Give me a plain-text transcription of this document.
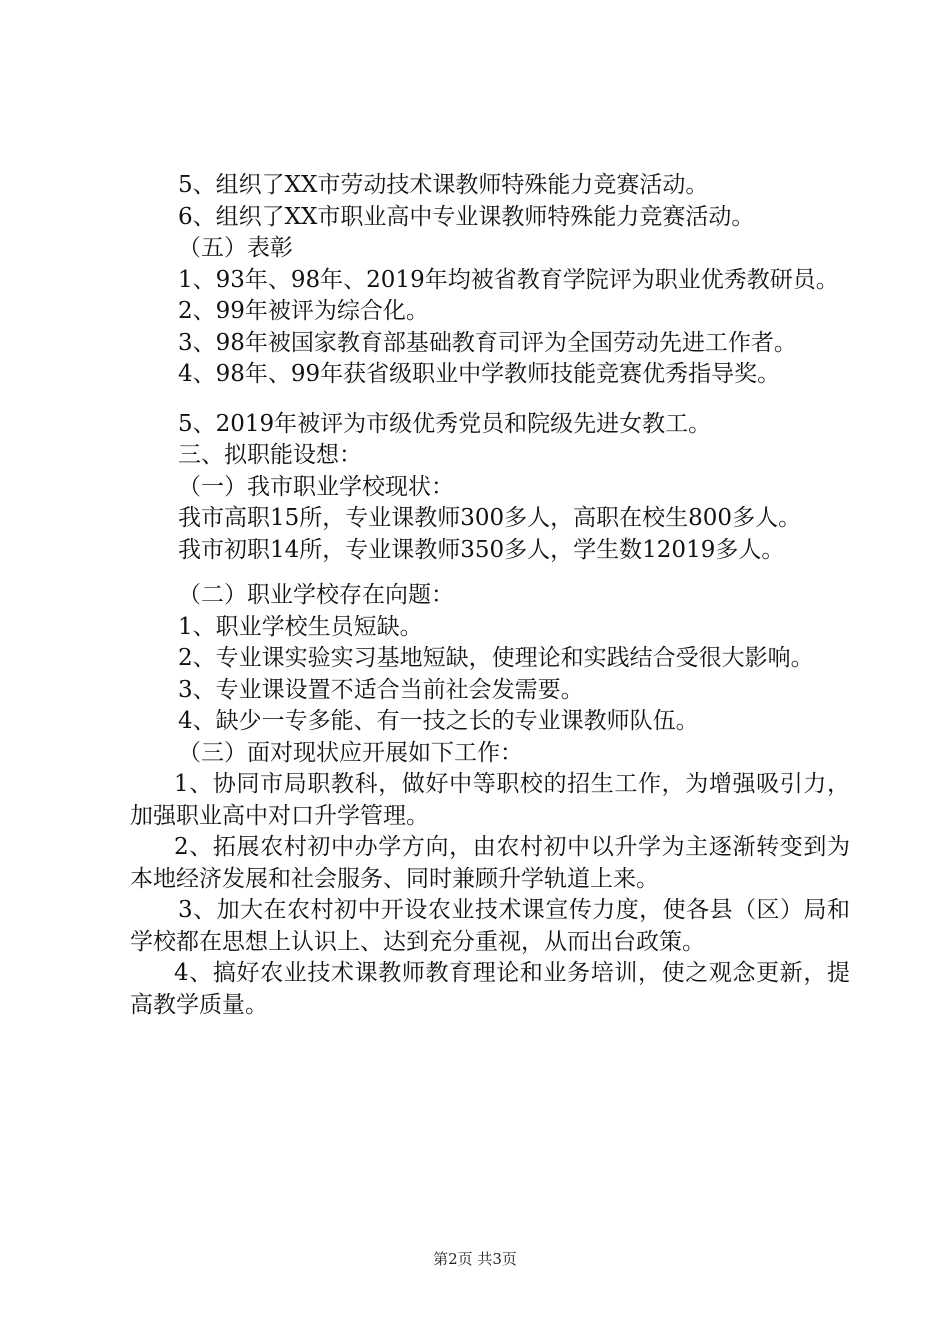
5、组织了XX市劳动技术课教师特殊能力竞赛活动。

6、组织了XX市职业高中专业课教师特殊能力竞赛活动。

（五）表彰

1、93年、98年、2019年均被省教育学院评为职业优秀教研员。

2、99年被评为综合化。

3、98年被国家教育部基础教育司评为全国劳动先进工作者。

4、98年、99年获省级职业中学教师技能竞赛优秀指导奖。

5、2019年被评为市级优秀党员和院级先进女教工。

三、拟职能设想：

（一）我市职业学校现状：

我市高职15所，专业课教师300多人，高职在校生800多人。

我市初职14所，专业课教师350多人，学生数12019多人。

（二）职业学校存在向题：

1、职业学校生员短缺。

2、专业课实验实习基地短缺，使理论和实践结合受很大影响。

3、专业课设置不适合当前社会发需要。

4、缺少一专多能、有一技之长的专业课教师队伍。

（三）面对现状应开展如下工作：

1、协同市局职教科，做好中等职校的招生工作，为增强吸引力，加强职业高中对口升学管理。

2、拓展农村初中办学方向，由农村初中以升学为主逐渐转变到为本地经济发展和社会服务、同时兼顾升学轨道上来。

3、加大在农村初中开设农业技术课宣传力度，使各县（区）局和学校都在思想上认识上、达到充分重视，从而出台政策。

4、搞好农业技术课教师教育理论和业务培训，使之观念更新，提高教学质量。

第2页 共3页
